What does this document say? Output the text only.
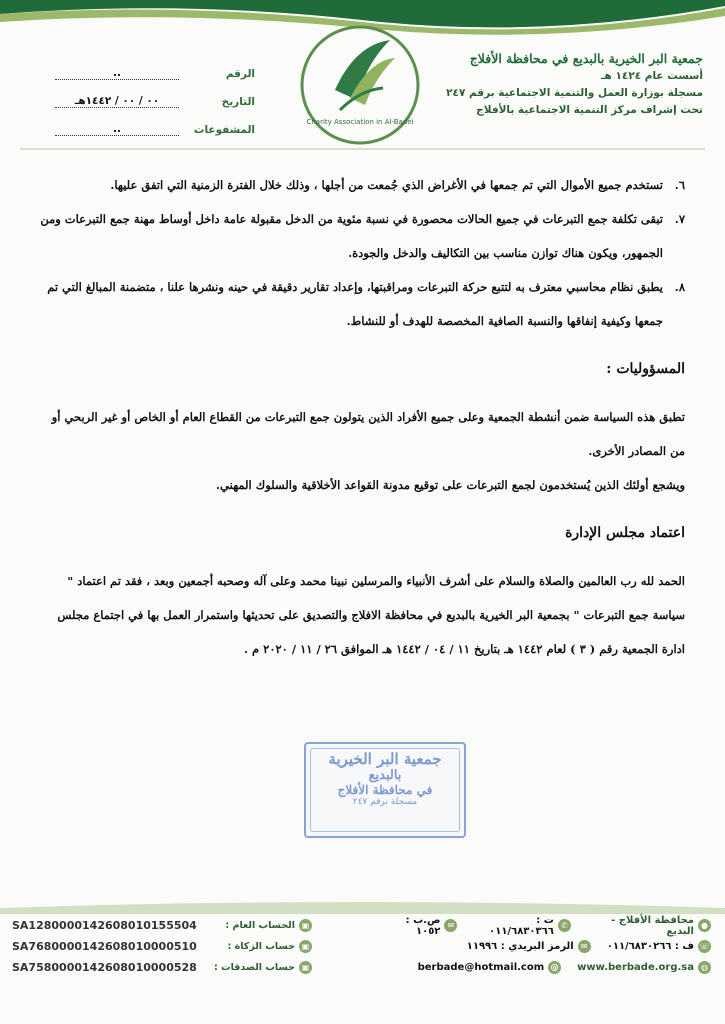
جمعية البر الخيرية بالبديع في محافظة الأفلاج
أسست عام ١٤٢٤ هـ
مسجلة بوزارة العمل والتنمية الاجتماعية برقم ٢٤٧
تحت إشراف مركز التنمية الاجتماعية بالأفلاج
Charity Association in Al-Badei
الرقم
..
التاريخ
٠٠ / ٠٠ / ١٤٤٢هـ
المشفوعات
..
٦.
تستخدم جميع الأموال التي تم جمعها في الأغراض الذي جُمعت من أجلها ، وذلك خلال الفترة الزمنية التي اتفق عليها.
٧.
تبقى تكلفة جمع التبرعات في جميع الحالات محصورة في نسبة مئوية من الدخل مقبولة عامة داخل أوساط مهنة جمع التبرعات ومن الجمهور، ويكون هناك توازن مناسب بين التكاليف والدخل والجودة.
٨.
يطبق نظام محاسبي معترف به لتتبع حركة التبرعات ومراقبتها، وإعداد تقارير دقيقة في حينه ونشرها علنا ، متضمنة المبالغ التي تم جمعها وكيفية إنفاقها والنسبة الصافية المخصصة للهدف أو للنشاط.
المسؤوليات :
تطبق هذه السياسة ضمن أنشطة الجمعية وعلى جميع الأفراد الذين يتولون جمع التبرعات من القطاع العام أو الخاص أو غير الربحي أو من المصادر الأخرى.
ويشجع أولئك الذين يُستخدمون لجمع التبرعات على توقيع مدونة القواعد الأخلاقية والسلوك المهني.
اعتماد مجلس الإدارة
الحمد لله رب العالمين والصلاة والسلام على أشرف الأنبياء والمرسلين نبينا محمد وعلى آله وصحبه أجمعين وبعد ، فقد تم اعتماد " سياسة جمع التبرعات " بجمعية البر الخيرية بالبديع في محافظة الافلاج والتصديق على تحديثها واستمرار العمل بها في اجتماع مجلس ادارة الجمعية رقم ( ٣ ) لعام ١٤٤٢ هـ بتاريخ ١١ / ٠٤ / ١٤٤٢ هـ الموافق ٢٦ / ١١ / ٢٠٢٠ م .
جمعية البر الخيرية
بالبديع
في محافظة الأفلاج
مسجلة برقم ٢٤٧
●
محافظة الأفلاج - البديع
✆
ت : ٠١١/٦٨٣٠٣٦٦
✉
ص.ب : ١٠٥٢
☏
ف : ٠١١/٦٨٣٠٢٦٦
✉
الرمز البريدي : ١١٩٩٦
◍
www.berbade.org.sa
@
berbade@hotmail.com
▣
الحساب العام :
SA1280000142608010155504
▣
حساب الزكاة :
SA7680000142608010000510
▣
حساب الصدقات :
SA7580000142608010000528
